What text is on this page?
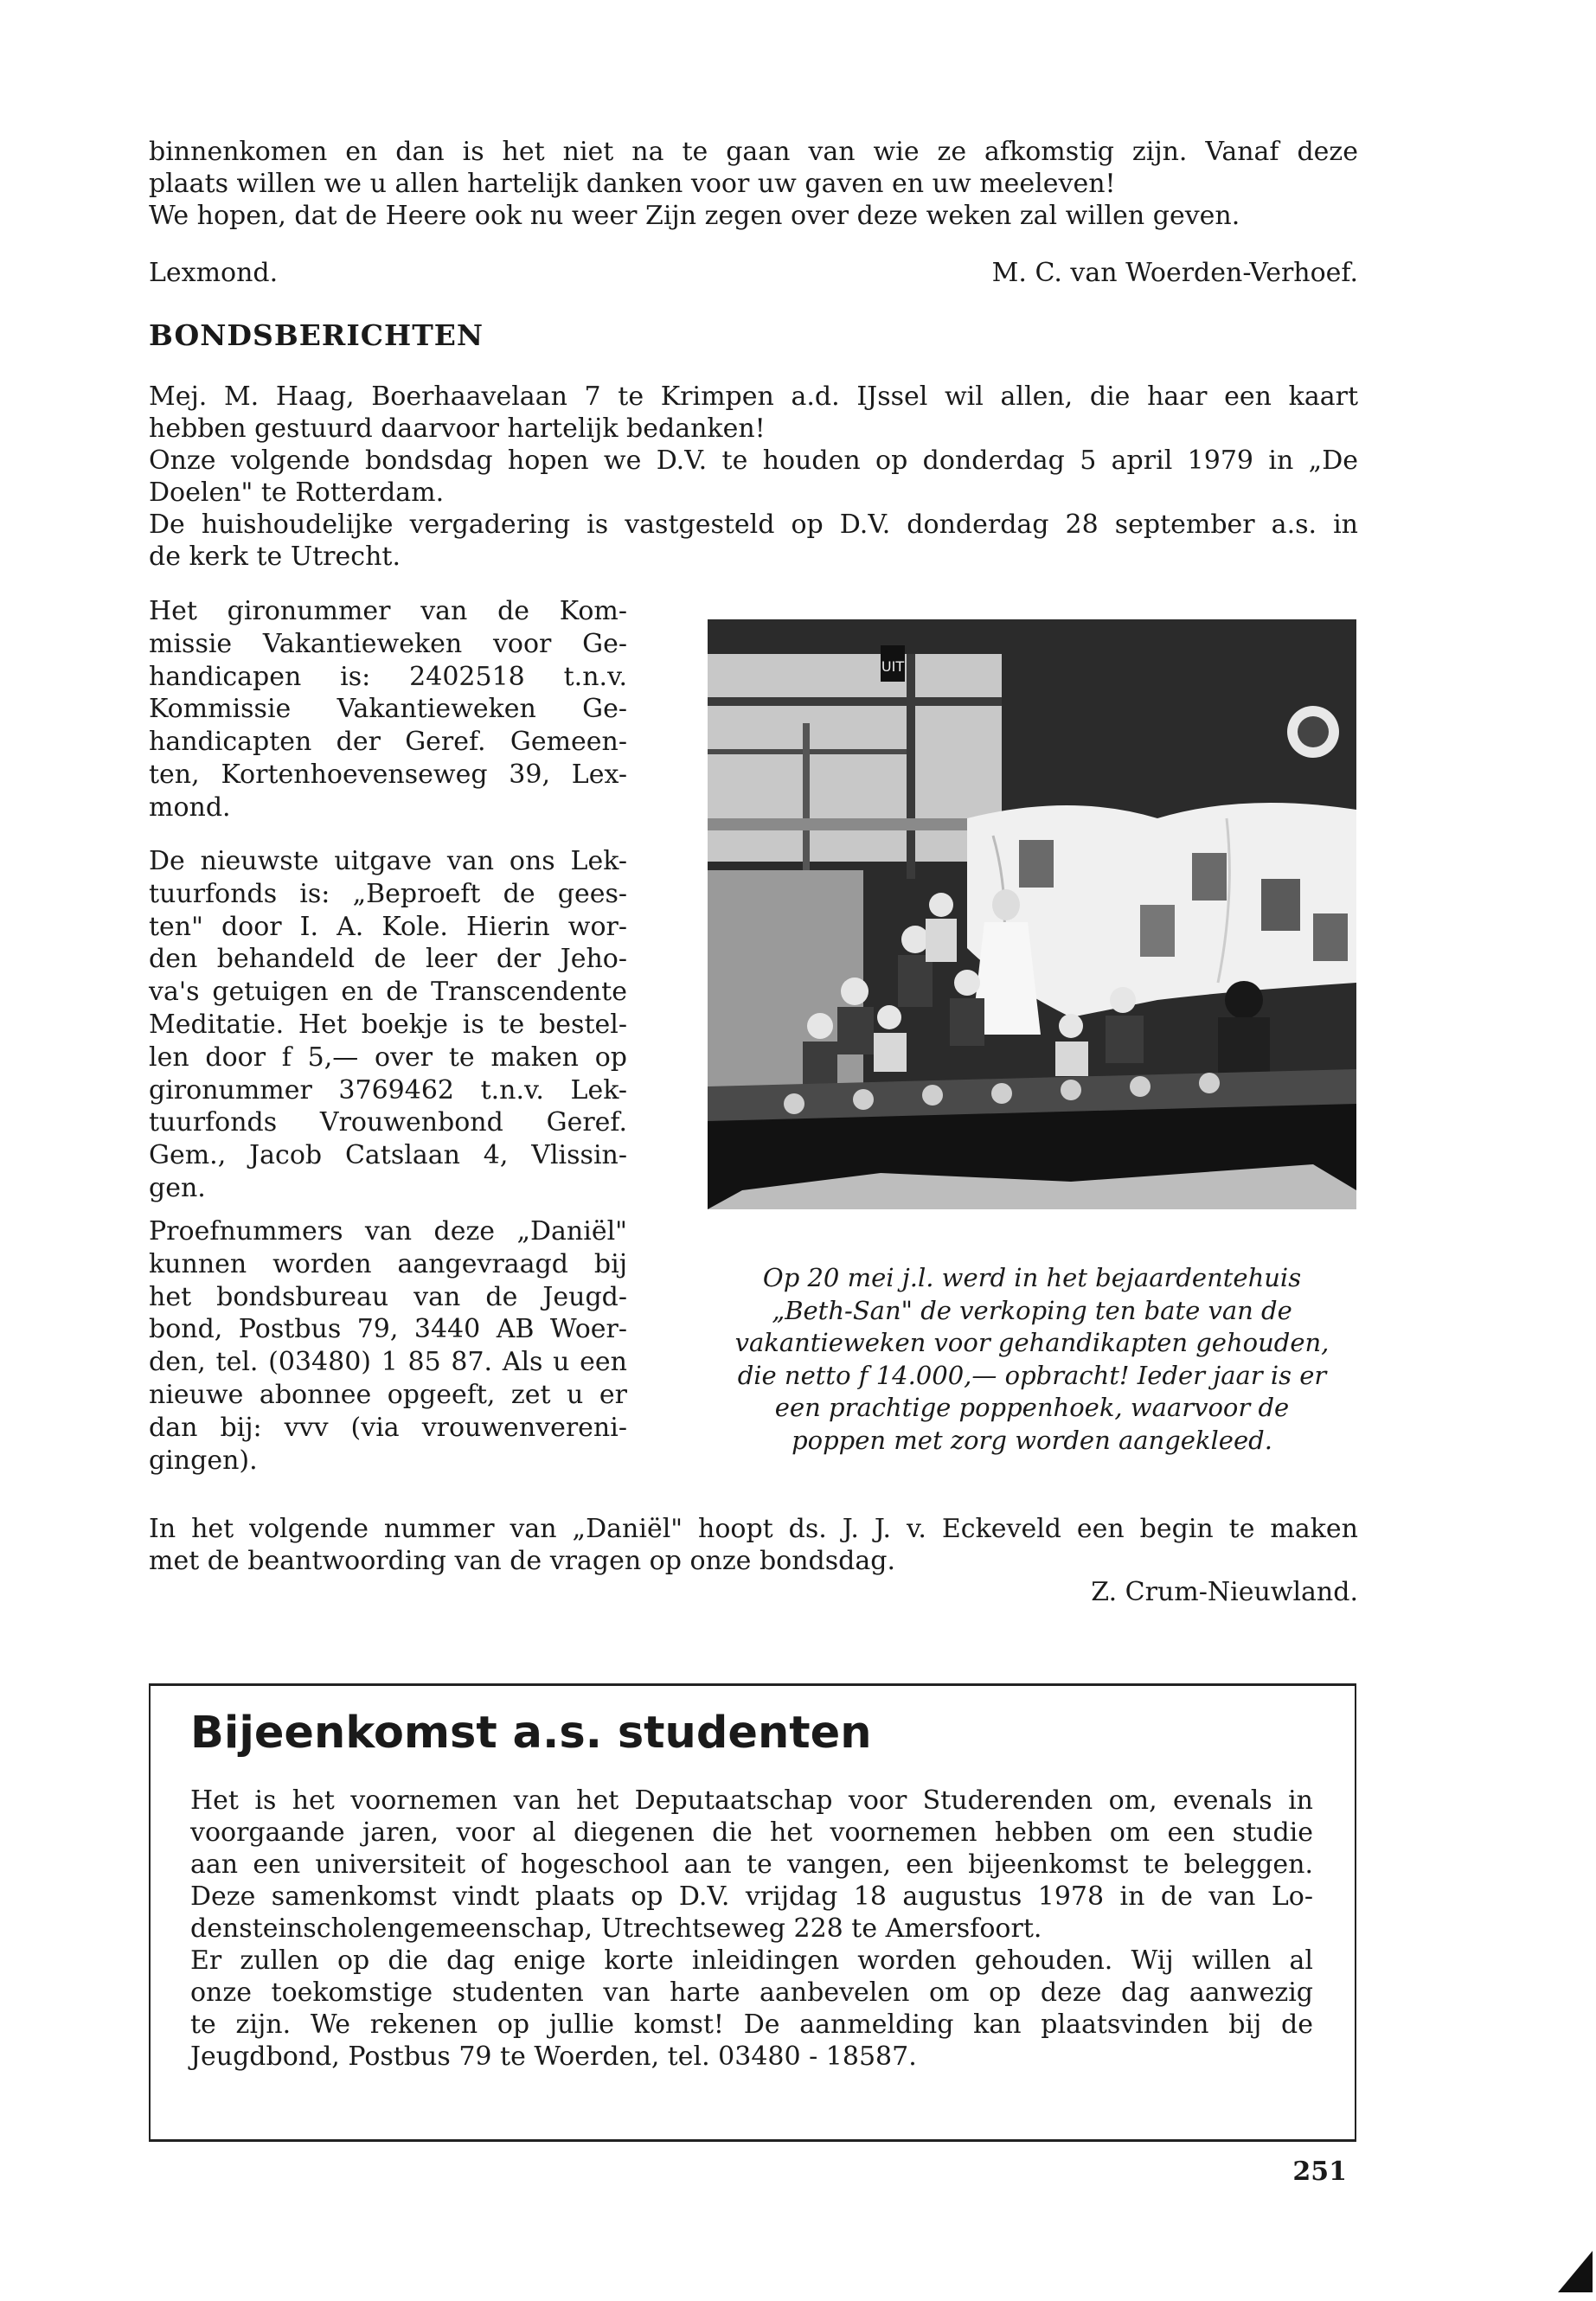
binnenkomen en dan is het niet na te gaan van wie ze afkomstig zijn. Vanaf deze
plaats willen we u allen hartelijk danken voor uw gaven en uw meeleven!
We hopen, dat de Heere ook nu weer Zijn zegen over deze weken zal willen geven.
Lexmond.	M. C. van Woerden-Verhoef.
BONDSBERICHTEN
Mej. M. Haag, Boerhaavelaan 7 te Krimpen a.d. IJssel wil allen, die haar een kaart
hebben gestuurd daarvoor hartelijk bedanken!
Onze volgende bondsdag hopen we D.V. te houden op donderdag 5 april 1979 in „De
Doelen" te Rotterdam.
De huishoudelijke vergadering is vastgesteld op D.V. donderdag 28 september a.s. in
de kerk te Utrecht.
Het gironummer van de Kom-
missie Vakantieweken voor Ge-
handicapen is: 2402518 t.n.v.
Kommissie Vakantieweken Ge-
handicapten der Geref. Gemeen-
ten, Kortenhoevenseweg 39, Lex-
mond.
De nieuwste uitgave van ons Lek-
tuurfonds is: „Beproeft de gees-
ten" door I. A. Kole. Hierin wor-
den behandeld de leer der Jeho-
va's getuigen en de Transcendente
Meditatie. Het boekje is te bestel-
len door f 5,— over te maken op
gironummer 3769462 t.n.v. Lek-
tuurfonds Vrouwenbond Geref.
Gem., Jacob Catslaan 4, Vlissin-
gen.
Proefnummers van deze „Daniël"
kunnen worden aangevraagd bij
het bondsbureau van de Jeugd-
bond, Postbus 79, 3440 AB Woer-
den, tel. (03480) 1 85 87. Als u een
nieuwe abonnee opgeeft, zet u er
dan bij: vvv (via vrouwenvereni-
gingen).
UIT
Op 20 mei j.l. werd in het bejaardentehuis
„Beth-San" de verkoping ten bate van de
vakantieweken voor gehandikapten gehouden,
die netto f 14.000,— opbracht! Ieder jaar is er
een prachtige poppenhoek, waarvoor de
poppen met zorg worden aangekleed.
In het volgende nummer van „Daniël" hoopt ds. J. J. v. Eckeveld een begin te maken
met de beantwoording van de vragen op onze bondsdag.
Z. Crum-Nieuwland.
Bijeenkomst a.s. studenten
Het is het voornemen van het Deputaatschap voor Studerenden om, evenals in
voorgaande jaren, voor al diegenen die het voornemen hebben om een studie
aan een universiteit of hogeschool aan te vangen, een bijeenkomst te beleggen.
Deze samenkomst vindt plaats op D.V. vrijdag 18 augustus 1978 in de van Lo-
densteinscholengemeenschap, Utrechtseweg 228 te Amersfoort.
Er zullen op die dag enige korte inleidingen worden gehouden. Wij willen al
onze toekomstige studenten van harte aanbevelen om op deze dag aanwezig
te zijn. We rekenen op jullie komst! De aanmelding kan plaatsvinden bij de
Jeugdbond, Postbus 79 te Woerden, tel. 03480 - 18587.
251
